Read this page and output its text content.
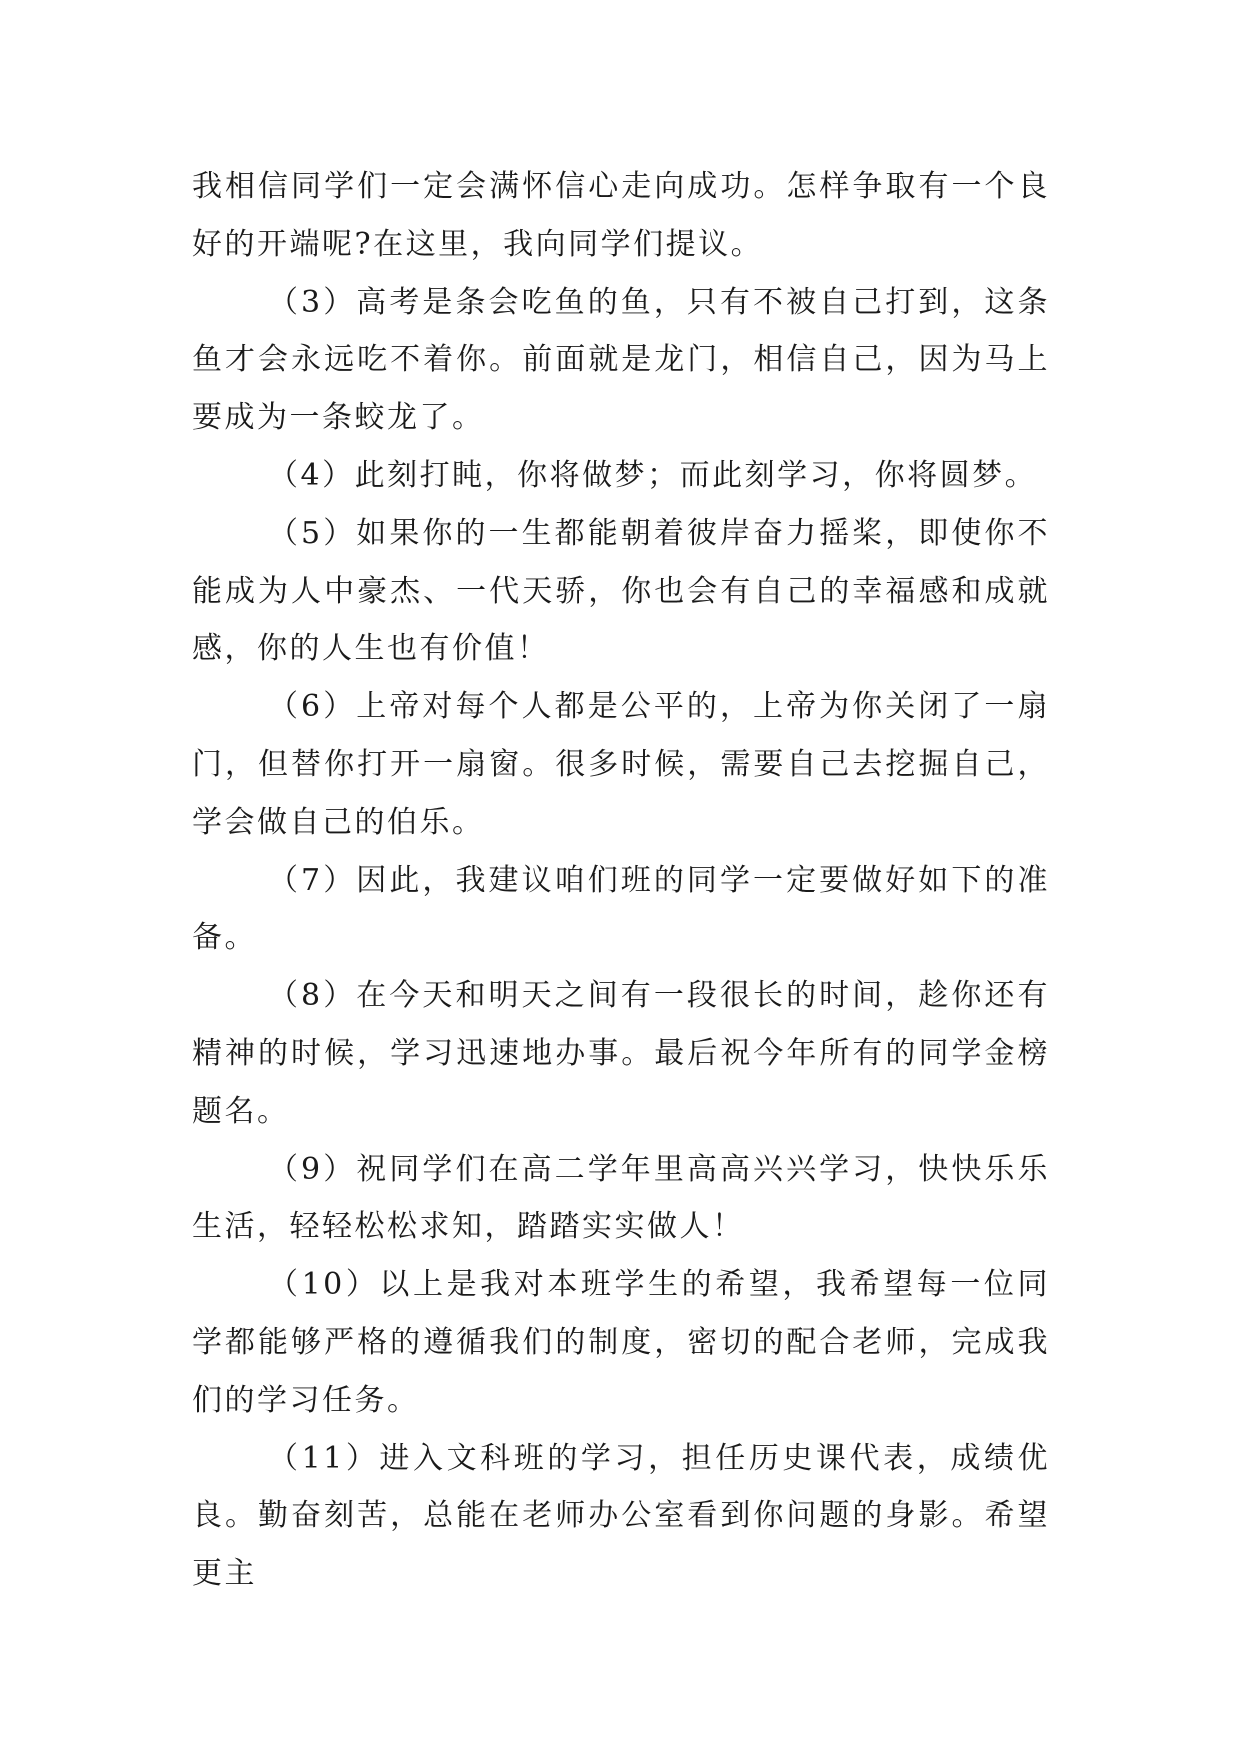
我相信同学们一定会满怀信心走向成功。怎样争取有一个良好的开端呢?在这里，我向同学们提议。

（3）高考是条会吃鱼的鱼，只有不被自己打到，这条鱼才会永远吃不着你。前面就是龙门，相信自己，因为马上要成为一条蛟龙了。

（4）此刻打盹，你将做梦；而此刻学习，你将圆梦。

（5）如果你的一生都能朝着彼岸奋力摇桨，即使你不能成为人中豪杰、一代天骄，你也会有自己的幸福感和成就感，你的人生也有价值！

（6）上帝对每个人都是公平的，上帝为你关闭了一扇门，但替你打开一扇窗。很多时候，需要自己去挖掘自己，学会做自己的伯乐。

（7）因此，我建议咱们班的同学一定要做好如下的准备。

（8）在今天和明天之间有一段很长的时间，趁你还有精神的时候，学习迅速地办事。最后祝今年所有的同学金榜题名。

（9）祝同学们在高二学年里高高兴兴学习，快快乐乐生活，轻轻松松求知，踏踏实实做人！

（10）以上是我对本班学生的希望，我希望每一位同学都能够严格的遵循我们的制度，密切的配合老师，完成我们的学习任务。

（11）进入文科班的学习，担任历史课代表，成绩优良。勤奋刻苦，总能在老师办公室看到你问题的身影。希望更主
